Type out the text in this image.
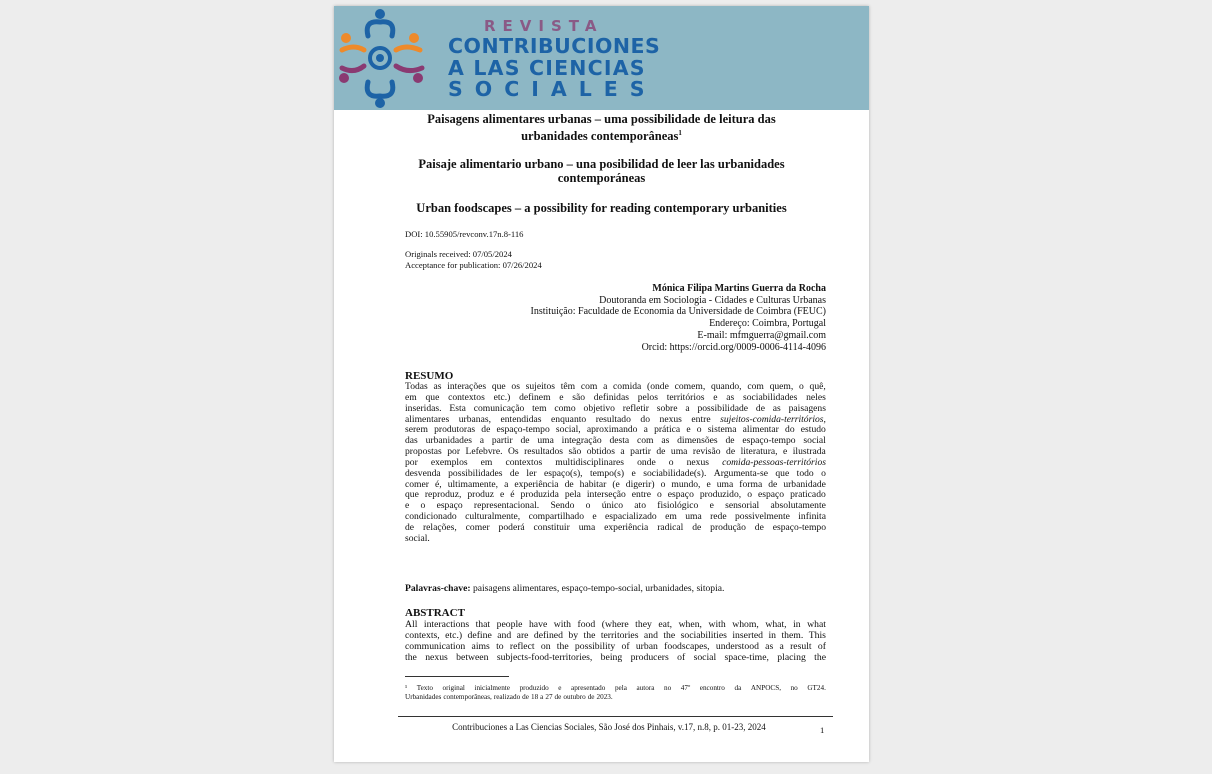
REVISTA
CONTRIBUCIONES
A LAS CIENCIAS
SOCIALES
Paisagens alimentares urbanas – uma possibilidade de leitura das
urbanidades contemporâneas$^1$
Paisaje alimentario urbano – una posibilidad de leer las urbanidades
contemporáneas
Urban foodscapes – a possibility for reading contemporary urbanities
DOI: 10.55905/revconv.17n.8-116
Originals received: 07/05/2024
Acceptance for publication: 07/26/2024
Mónica Filipa Martins Guerra da Rocha
Doutoranda em Sociologia - Cidades e Culturas Urbanas
Instituição: Faculdade de Economia da Universidade de Coimbra (FEUC)
Endereço: Coimbra, Portugal
E-mail: mfmguerra@gmail.com
Orcid: https://orcid.org/0009-0006-4114-4096
RESUMO
Todas as interações que os sujeitos têm com a comida (onde comem, quando, com quem, o quê,
em que contextos etc.) definem e são definidas pelos territórios e as sociabilidades neles
inseridas. Esta comunicação tem como objetivo refletir sobre a possibilidade de as paisagens
alimentares urbanas, entendidas enquanto resultado do nexus entre sujeitos-comida-territórios,
serem produtoras de espaço-tempo social, aproximando a prática e o sistema alimentar do estudo
das urbanidades a partir de uma integração desta com as dimensões de espaço-tempo social
propostas por Lefebvre. Os resultados são obtidos a partir de uma revisão de literatura, e ilustrada
por exemplos em contextos multidisciplinares onde o nexus comida-pessoas-territórios
desvenda possibilidades de ler espaço(s), tempo(s) e sociabilidade(s). Argumenta-se que todo o
comer é, ultimamente, a experiência de habitar (e digerir) o mundo, e uma forma de urbanidade
que reproduz, produz e é produzida pela interseção entre o espaço produzido, o espaço praticado
e o espaço representacional. Sendo o único ato fisiológico e sensorial absolutamente
condicionado culturalmente, compartilhado e espacializado em uma rede possivelmente infinita
de relações, comer poderá constituir uma experiência radical de produção de espaço-tempo
social.
Palavras-chave: paisagens alimentares, espaço-tempo-social, urbanidades, sitopia.
ABSTRACT
All interactions that people have with food (where they eat, when, with whom, what, in what
contexts, etc.) define and are defined by the territories and the sociabilities inserted in them. This
communication aims to reflect on the possibility of urban foodscapes, understood as a result of
the nexus between subjects-food-territories, being producers of social space-time, placing the
¹ Texto original inicialmente produzido e apresentado pela autora no 47º encontro da ANPOCS, no GT24.
Urbanidades contemporâneas, realizado de 18 a 27 de outubro de 2023.
Contribuciones a Las Ciencias Sociales, São José dos Pinhais, v.17, n.8, p. 01-23, 2024	1
